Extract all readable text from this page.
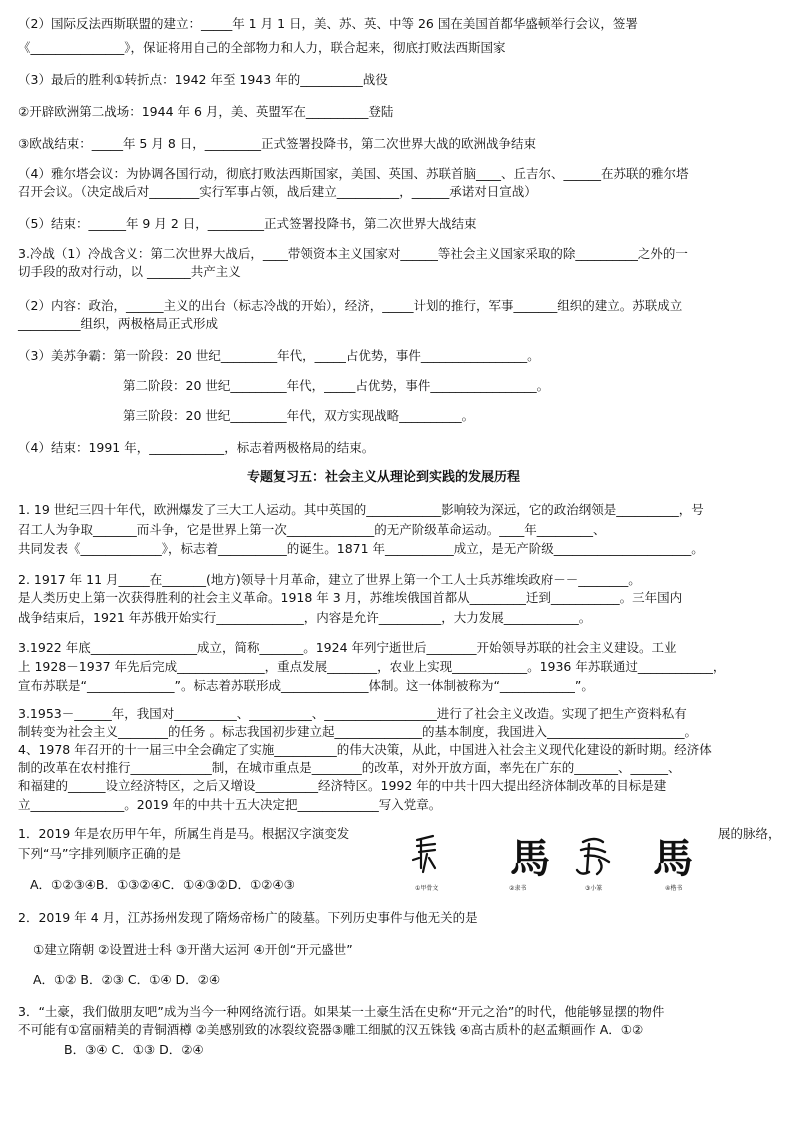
（2）国际反法西斯联盟的建立：_____年 1 月 1 日，美、苏、英、中等 26 国在美国首都华盛顿举行会议，签署
《_______________》，保证将用自己的全部物力和人力，联合起来，彻底打败法西斯国家
（3）最后的胜利①转折点：1942 年至 1943 年的__________战役
②开辟欧洲第二战场：1944 年 6 月，美、英盟军在__________登陆
③欧战结束：_____年 5 月 8 日，_________正式签署投降书，第二次世界大战的欧洲战争结束
（4）雅尔塔会议：为协调各国行动，彻底打败法西斯国家，美国、英国、苏联首脑____、丘吉尔、______在苏联的雅尔塔
召开会议。（决定战后对________实行军事占领，战后建立__________，______承诺对日宣战）
（5）结束：______年 9 月 2 日，_________正式签署投降书，第二次世界大战结束
3.冷战（1）冷战含义：第二次世界大战后，____带领资本主义国家对______等社会主义国家采取的除__________之外的一
切手段的敌对行动，以 _______共产主义
（2）内容：政治，______主义的出台（标志冷战的开始），经济，_____计划的推行，军事_______组织的建立。苏联成立
__________组织，两极格局正式形成
（3）美苏争霸：第一阶段：20 世纪_________年代，_____占优势，事件_________________。
第二阶段：20 世纪_________年代，_____占优势，事件_________________。
第三阶段：20 世纪_________年代，双方实现战略__________。
（4）结束：1991 年，____________，标志着两极格局的结束。
专题复习五：社会主义从理论到实践的发展历程
1. 19 世纪三四十年代，欧洲爆发了三大工人运动。其中英国的____________影响较为深远，它的政治纲领是__________，号
召工人为争取_______而斗争，它是世界上第一次______________的无产阶级革命运动。____年_________、
共同发表《_____________》，标志着___________的诞生。1871 年___________成立，是无产阶级______________________。
2. 1917 年 11 月_____在_______(地方)领导十月革命，建立了世界上第一个工人士兵苏维埃政府－－________。
是人类历史上第一次获得胜利的社会主义革命。1918 年 3 月，苏维埃俄国首都从_________迁到___________。三年国内
战争结束后，1921 年苏俄开始实行______________，内容是允许__________，大力发展____________。
3.1922 年底_________________成立，简称_______。1924 年列宁逝世后________开始领导苏联的社会主义建设。工业
上 1928－1937 年先后完成______________，重点发展________，农业上实现____________。1936 年苏联通过____________，
宣布苏联是“______________”。标志着苏联形成______________体制。这一体制被称为“____________”。
3.1953－______年，我国对__________、__________、__________________进行了社会主义改造。实现了把生产资料私有
制转变为社会主义________的任务 。标志我国初步建立起______________的基本制度，我国进入______________________。
4、1978 年召开的十一届三中全会确定了实施__________的伟大决策，从此，中国进入社会主义现代化建设的新时期。经济体
制的改革在农村推行_____________制，在城市重点是________的改革，对外开放方面，率先在广东的_______、______、
和福建的______设立经济特区，之后又增设__________经济特区。1992 年的中共十四大提出经济体制改革的目标是建
立_______________。2019 年的中共十五大决定把_____________写入党章。
1．2019 年是农历甲午年，所属生肖是马。根据汉字演变发	展的脉络，
下列“马”字排列顺序正确的是
A．①②③④B．①③②④C．①④③②D．①②④③
馬	馬
①甲骨文	②隶书	③小篆	④楷书
2．2019 年 4 月，江苏扬州发现了隋炀帝杨广的陵墓。下列历史事件与他无关的是
①建立隋朝 ②设置进士科 ③开凿大运河 ④开创“开元盛世”
A．①② B．②③ C．①④ D．②④
3．“土豪，我们做朋友吧”成为当今一种网络流行语。如果某一土豪生活在史称“开元之治”的时代，他能够显摆的物件
不可能有①富丽精美的青铜酒樽 ②美感别致的冰裂纹瓷器③雕工细腻的汉五铢钱 ④高古质朴的赵孟頫画作 A．①②
B．③④ C．①③ D．②④
